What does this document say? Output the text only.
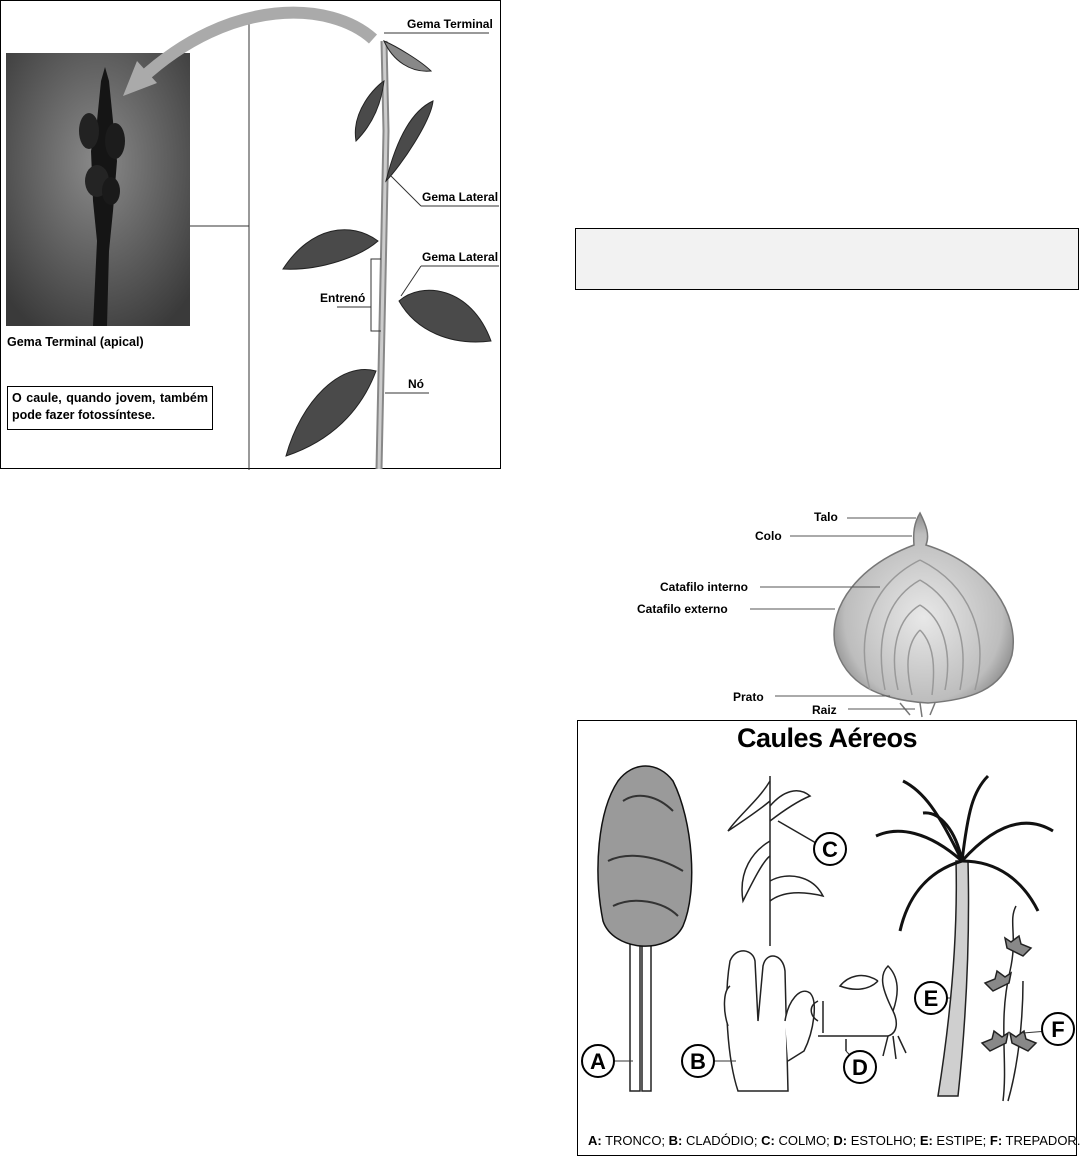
Gema Terminal
Gema Lateral
Gema Lateral
Entrenó
Nó
Gema Terminal (apical)
O caule, quando jovem, também pode fazer fotossíntese.
Talo
Colo
Catafilo interno
Catafilo externo
Prato
Raiz
Caules Aéreos
A	B
C
D
E
F
A: TRONCO; B: CLADÓDIO; C: COLMO; D: ESTOLHO; E: ESTIPE; F: TREPADOR.
